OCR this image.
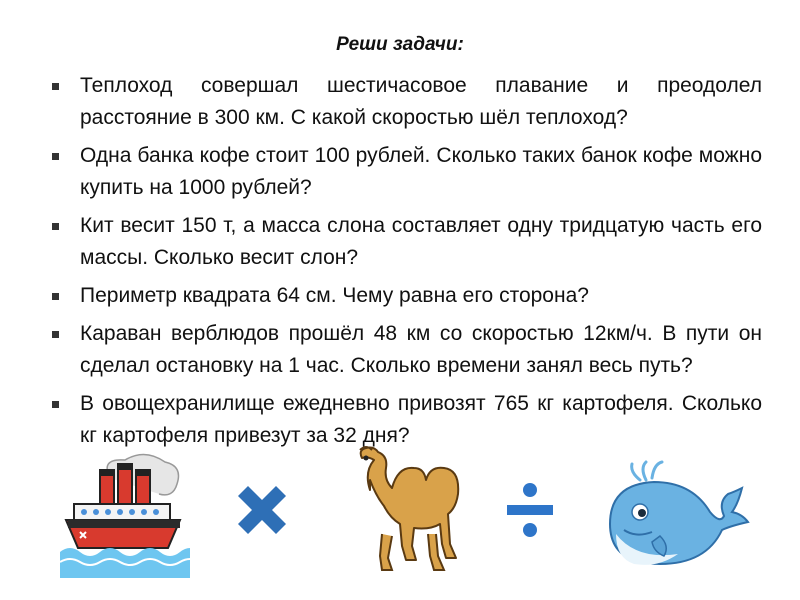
Реши задачи:
Теплоход совершал шестичасовое плавание и преодолел расстояние в 300 км. С какой скоростью шёл теплоход?
Одна банка кофе стоит 100 рублей. Сколько таких банок кофе можно купить на 1000 рублей?
Кит весит 150 т, а масса слона составляет одну тридцатую часть его массы. Сколько весит слон?
Периметр квадрата 64 см. Чему равна его сторона?
Караван верблюдов прошёл 48 км со скоростью 12км/ч. В пути он сделал остановку на 1 час. Сколько времени занял весь путь?
В овощехранилище ежедневно привозят 765 кг картофеля. Сколько кг картофеля привезут за 32 дня?
